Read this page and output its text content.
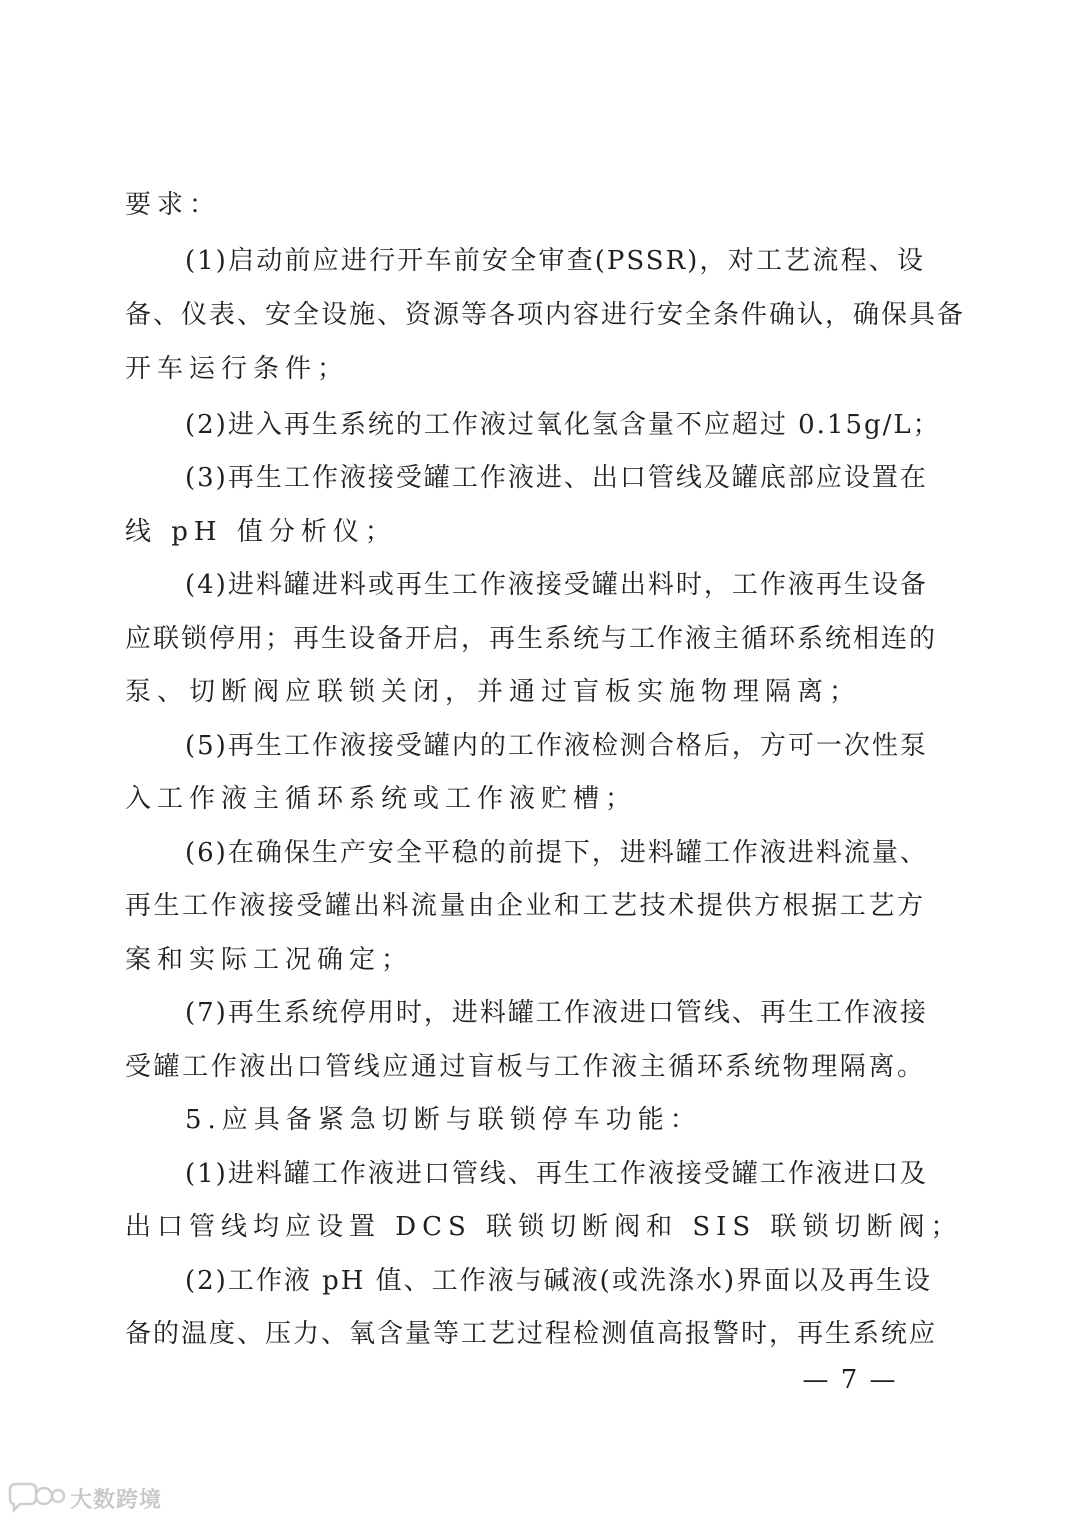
要求：
(1)启动前应进行开车前安全审查(PSSR)，对工艺流程、设
备、仪表、安全设施、资源等各项内容进行安全条件确认，确保具备
开车运行条件；
(2)进入再生系统的工作液过氧化氢含量不应超过 0.15g/L；
(3)再生工作液接受罐工作液进、出口管线及罐底部应设置在
线 pH 值分析仪；
(4)进料罐进料或再生工作液接受罐出料时，工作液再生设备
应联锁停用；再生设备开启，再生系统与工作液主循环系统相连的
泵、切断阀应联锁关闭，并通过盲板实施物理隔离；
(5)再生工作液接受罐内的工作液检测合格后，方可一次性泵
入工作液主循环系统或工作液贮槽；
(6)在确保生产安全平稳的前提下，进料罐工作液进料流量、
再生工作液接受罐出料流量由企业和工艺技术提供方根据工艺方
案和实际工况确定；
(7)再生系统停用时，进料罐工作液进口管线、再生工作液接
受罐工作液出口管线应通过盲板与工作液主循环系统物理隔离。
5.应具备紧急切断与联锁停车功能：
(1)进料罐工作液进口管线、再生工作液接受罐工作液进口及
出口管线均应设置 DCS 联锁切断阀和 SIS 联锁切断阀；
(2)工作液 pH 值、工作液与碱液(或洗涤水)界面以及再生设
备的温度、压力、氧含量等工艺过程检测值高报警时，再生系统应
— 7 —
大数跨境
